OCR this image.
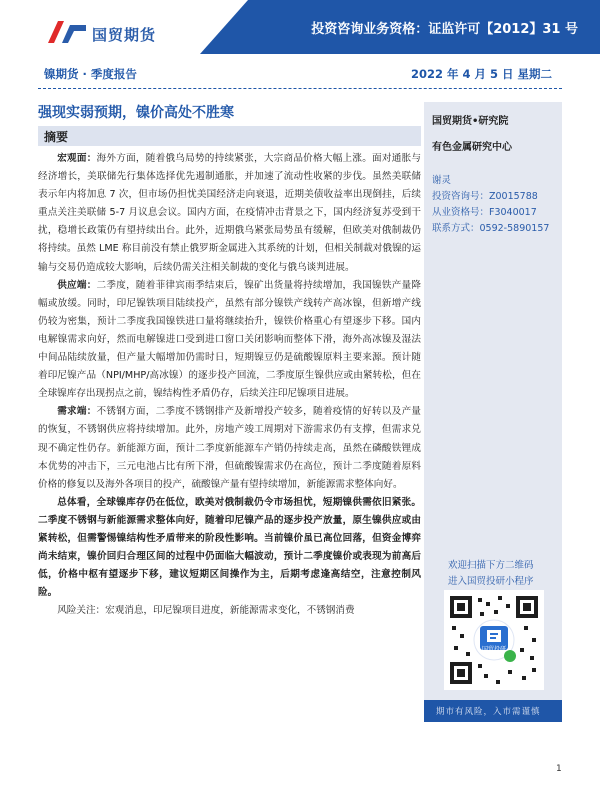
国贸期货	投资咨询业务资格：证监许可【2012】31 号
镍期货 · 季度报告	2022 年 4 月 5 日 星期二
强现实弱预期，镍价高处不胜寒
摘要

宏观面：海外方面，随着俄乌局势的持续紧张，大宗商品价格大幅上涨。面对通胀与经济增长，美联储先行集体选择优先遏制通胀，并加速了流动性收紧的步伐。虽然美联储表示年内将加息 7 次，但市场仍担忧美国经济走向衰退，近期美债收益率出现倒挂，后续重点关注美联储 5-7 月议息会议。国内方面，在疫情冲击背景之下，国内经济复苏受到干扰，稳增长政策仍有望持续出台。此外，近期俄乌紧张局势虽有缓解，但欧美对俄制裁仍将持续。虽然 LME 称目前没有禁止俄罗斯金属进入其系统的计划，但相关制裁对俄镍的运输与交易仍造成较大影响，后续仍需关注相关制裁的变化与俄乌谈判进展。

供应端：二季度，随着菲律宾雨季结束后，镍矿出货量将持续增加，我国镍铁产量降幅或放缓。同时，印尼镍铁项目陆续投产，虽然有部分镍铁产线转产高冰镍，但新增产线仍较为密集，预计二季度我国镍铁进口量将继续抬升，镍铁价格重心有望逐步下移。国内电解镍需求向好，然而电解镍进口受到进口窗口关闭影响而整体下滑，海外高冰镍及湿法中间品陆续放量，但产量大幅增加仍需时日，短期镍豆仍是硫酸镍原料主要来源。预计随着印尼镍产品（NPI/MHP/高冰镍）的逐步投产回流，二季度原生镍供应或由紧转松，但在全球镍库存出现拐点之前，镍结构性矛盾仍存，后续关注印尼镍项目进展。

需求端：不锈钢方面，二季度不锈钢排产及新增投产较多，随着疫情的好转以及产量的恢复，不锈钢供应将持续增加。此外，房地产竣工周期对下游需求仍有支撑，但需求兑现不确定性仍存。新能源方面，预计二季度新能源车产销仍持续走高，虽然在磷酸铁锂成本优势的冲击下，三元电池占比有所下滑，但硫酸镍需求仍在高位，预计二季度随着原料价格的修复以及海外各项目的投产，硫酸镍产量有望持续增加，新能源需求整体向好。

总体看，全球镍库存仍在低位，欧美对俄制裁仍令市场担忧，短期镍供需依旧紧张。二季度不锈钢与新能源需求整体向好，随着印尼镍产品的逐步投产放量，原生镍供应或由紧转松，但需警惕镍结构性矛盾带来的阶段性影响。当前镍价虽已高位回落，但资金博弈尚未结束，镍价回归合理区间的过程中仍面临大幅波动，预计二季度镍价或表现为前高后低，价格中枢有望逐步下移，建议短期区间操作为主，后期考虑逢高结空，注意控制风险。

风险关注：宏观消息，印尼镍项目进度，新能源需求变化，不锈钢消费

国贸期货•研究院
有色金属研究中心
谢灵
投资咨询号：Z0015788
从业资格号：F3040017
联系方式：0592-5890157
欢迎扫描下方二维码
进入国贸投研小程序
期市有风险，入市需谨慎
国贸投研
1
